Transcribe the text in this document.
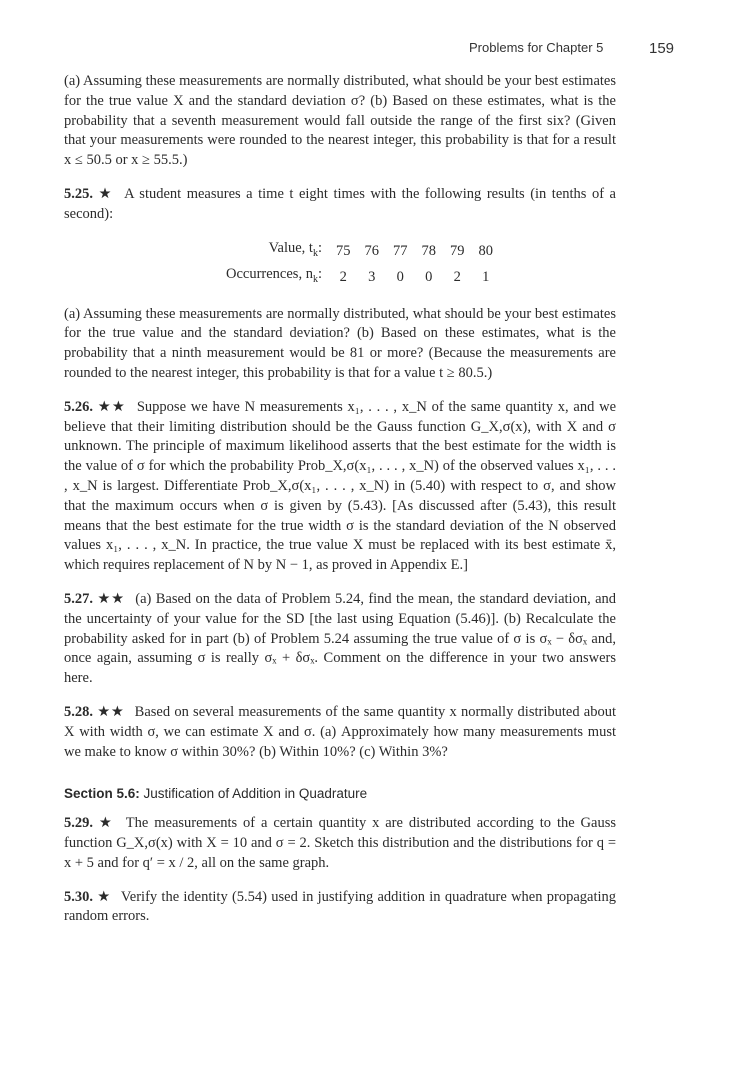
Problems for Chapter 5	159

(a) Assuming these measurements are normally distributed, what should be your best estimates for the true value X and the standard deviation σ? (b) Based on these estimates, what is the probability that a seventh measurement would fall outside the range of the first six? (Given that your measurements were rounded to the nearest integer, this probability is that for a result x ≤ 50.5 or x ≥ 55.5.)

5.25. ★ A student measures a time t eight times with the following results (in tenths of a second):

Value, $t_k$:	75	76	77	78	79	80
Occurrences, $n_k$:	2	3	0	0	2	1

(a) Assuming these measurements are normally distributed, what should be your best estimates for the true value and the standard deviation? (b) Based on these estimates, what is the probability that a ninth measurement would be 81 or more? (Because the measurements are rounded to the nearest integer, this probability is that for a value t ≥ 80.5.)

5.26. ★★ Suppose we have N measurements x₁, . . . , x_N of the same quantity x, and we believe that their limiting distribution should be the Gauss function G_X,σ(x), with X and σ unknown. The principle of maximum likelihood asserts that the best estimate for the width is the value of σ for which the probability Prob_X,σ(x₁, . . . , x_N) of the observed values x₁, . . . , x_N is largest. Differentiate Prob_X,σ(x₁, . . . , x_N) in (5.40) with respect to σ, and show that the maximum occurs when σ is given by (5.43). [As discussed after (5.43), this result means that the best estimate for the true width σ is the standard deviation of the N observed values x₁, . . . , x_N. In practice, the true value X must be replaced with its best estimate x̄, which requires replacement of N by N − 1, as proved in Appendix E.]

5.27. ★★ (a) Based on the data of Problem 5.24, find the mean, the standard deviation, and the uncertainty of your value for the SD [the last using Equation (5.46)]. (b) Recalculate the probability asked for in part (b) of Problem 5.24 assuming the true value of σ is σₓ − δσₓ and, once again, assuming σ is really σₓ + δσₓ. Comment on the difference in your two answers here.

5.28. ★★ Based on several measurements of the same quantity x normally distributed about X with width σ, we can estimate X and σ. (a) Approximately how many measurements must we make to know σ within 30%? (b) Within 10%? (c) Within 3%?

Section 5.6: Justification of Addition in Quadrature

5.29. ★ The measurements of a certain quantity x are distributed according to the Gauss function G_X,σ(x) with X = 10 and σ = 2. Sketch this distribution and the distributions for q = x + 5 and for q′ = x / 2, all on the same graph.

5.30. ★ Verify the identity (5.54) used in justifying addition in quadrature when propagating random errors.
